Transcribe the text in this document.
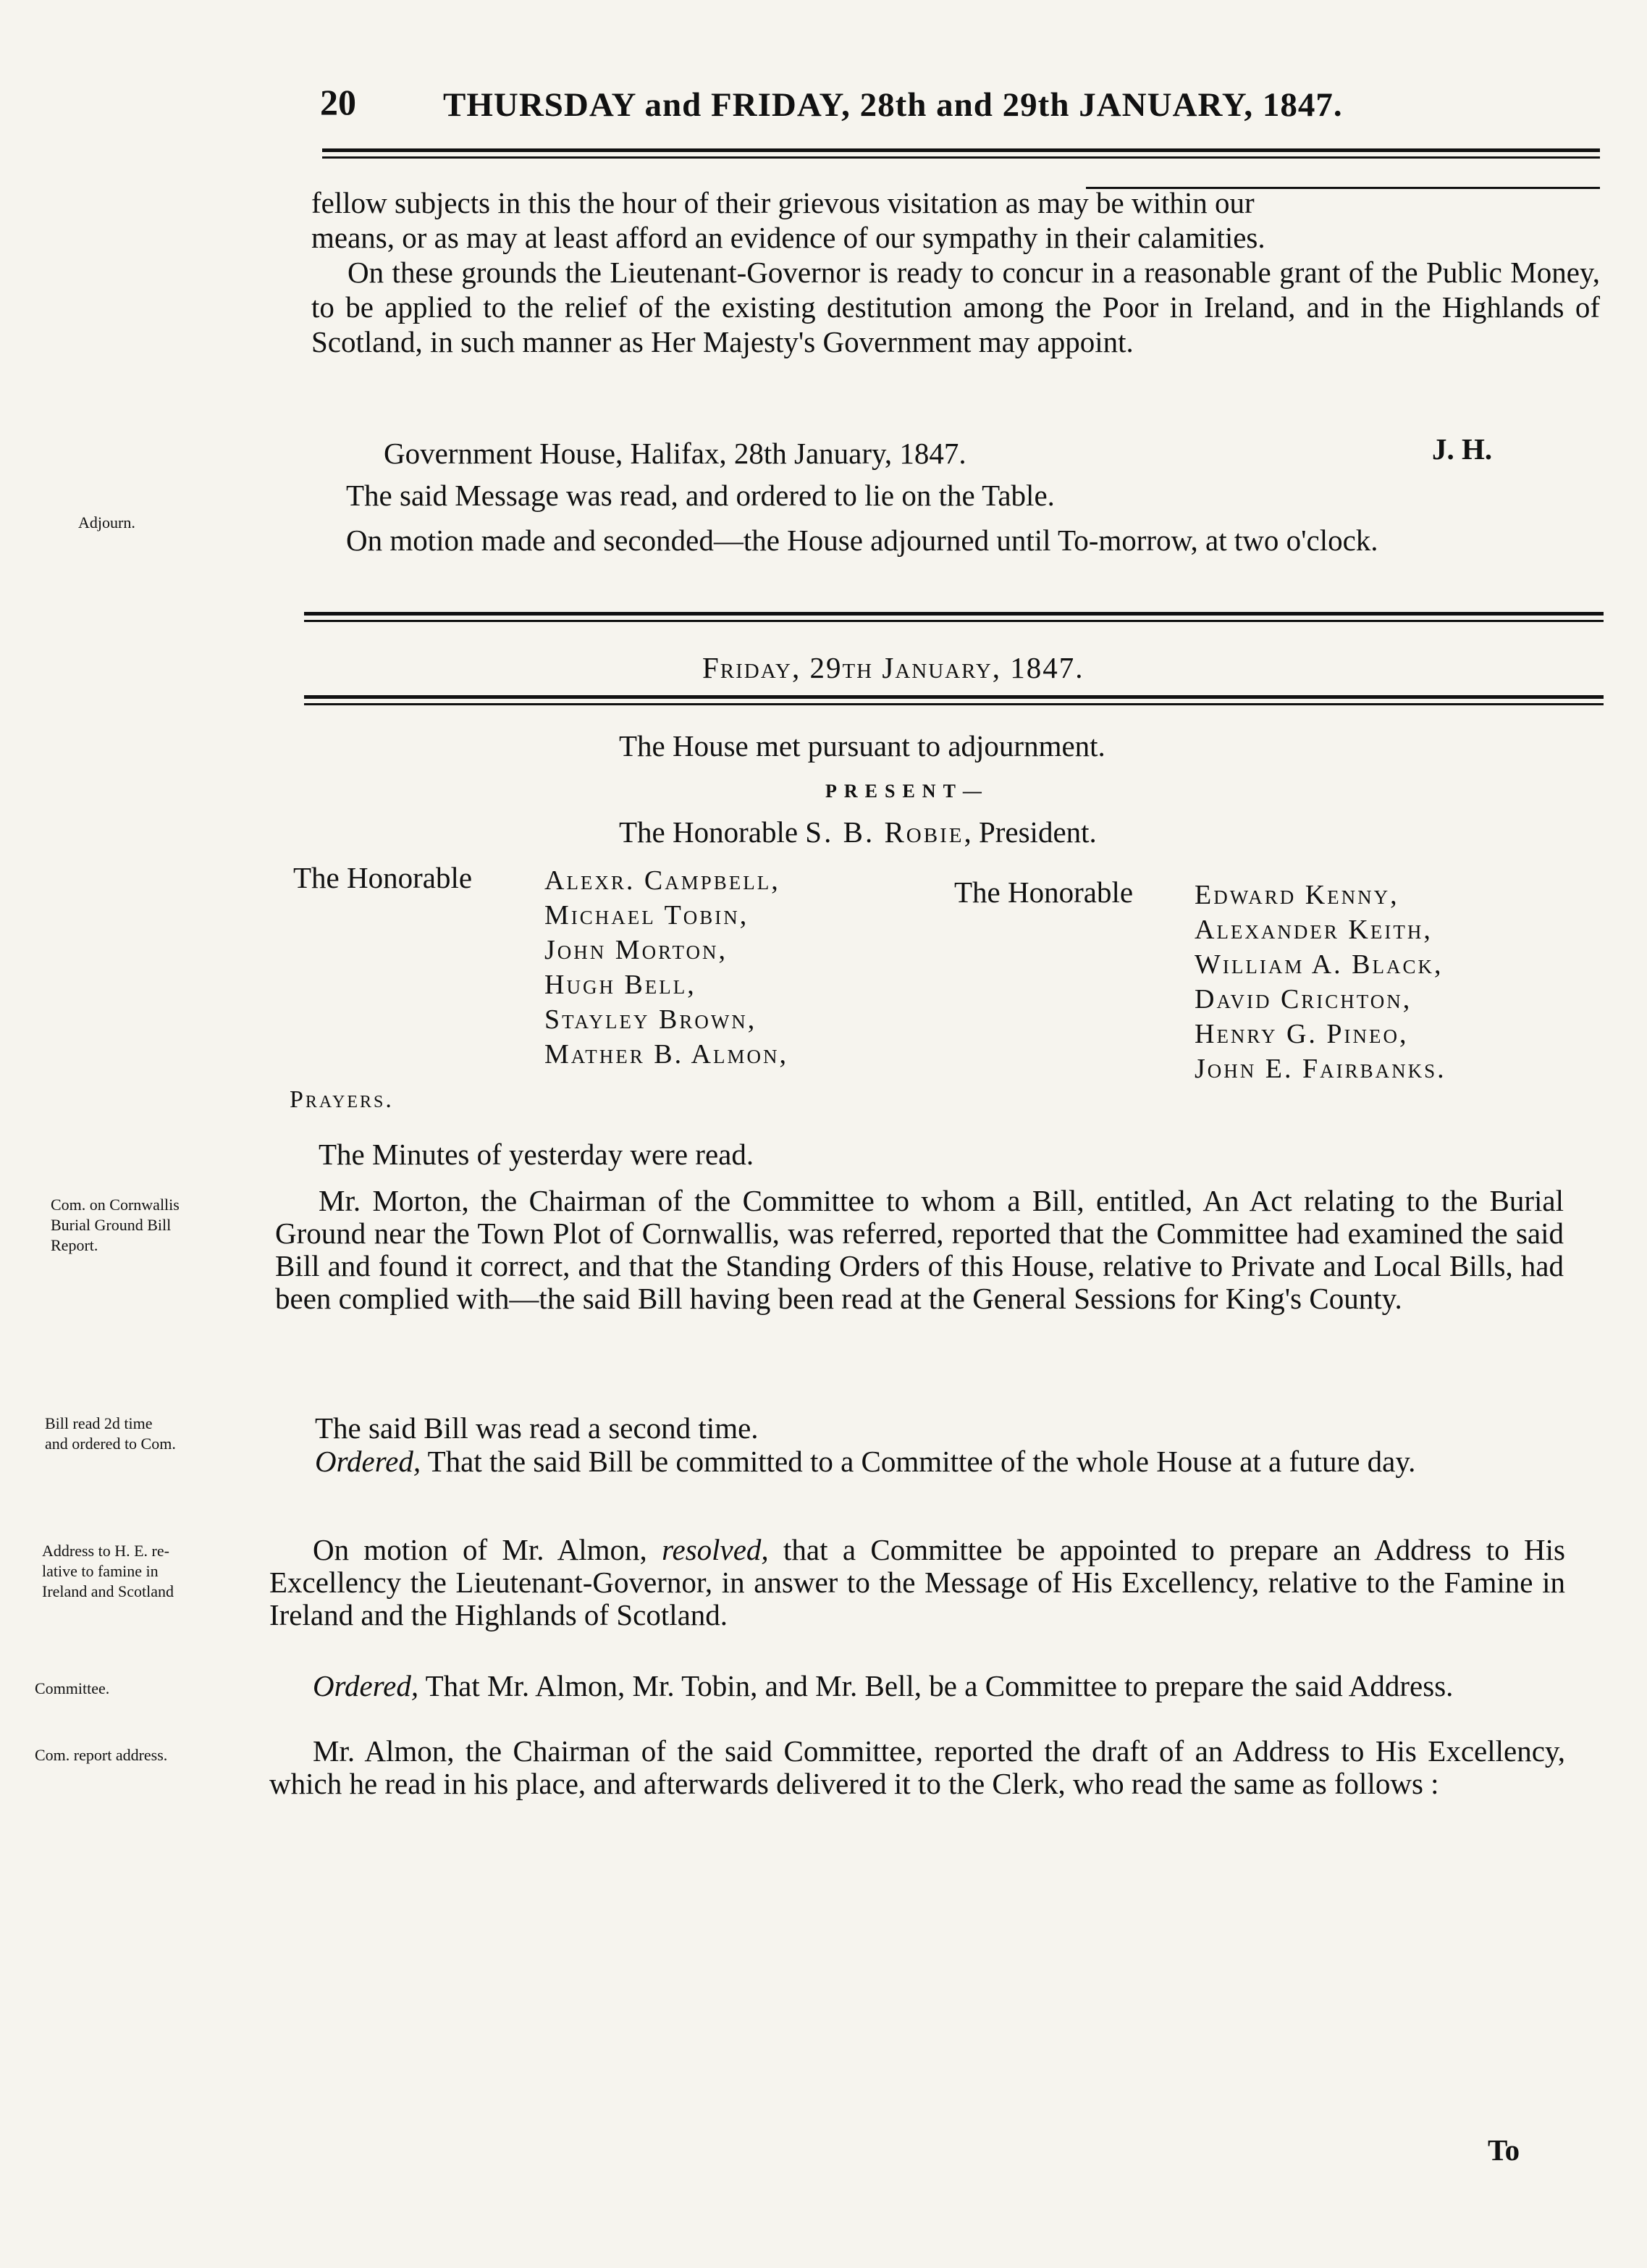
20	THURSDAY and FRIDAY, 28th and 29th JANUARY, 1847.
fellow subjects in this the hour of their grievous visitation as may be within our
means, or as may at least afford an evidence of our sympathy in their calamities.
On these grounds the Lieutenant-Governor is ready to concur in a reasonable grant of the Public Money, to be applied to the relief of the existing destitution among the Poor in Ireland, and in the Highlands of Scotland, in such manner as Her Majesty's Government may appoint.
Government House, Halifax, 28th January, 1847.	J. H.
The said Message was read, and ordered to lie on the Table.
Adjourn.
On motion made and seconded—the House adjourned until To-morrow, at two o'clock.
Friday, 29th January, 1847.
The House met pursuant to adjournment.
PRESENT—
The Honorable S. B. Robie, President.
The Honorable	Alexr. Campbell,
Michael Tobin,
John Morton,
Hugh Bell,
Stayley Brown,
Mather B. Almon,
The Honorable Edward Kenny,
Alexander Keith,
William A. Black,
David Crichton,
Henry G. Pineo,
John E. Fairbanks.
Prayers.
The Minutes of yesterday were read.
Com. on Cornwallis
Burial Ground Bill
Report.
Mr. Morton, the Chairman of the Committee to whom a Bill, entitled, An Act relating to the Burial Ground near the Town Plot of Cornwallis, was referred, reported that the Committee had examined the said Bill and found it correct, and that the Standing Orders of this House, relative to Private and Local Bills, had been complied with—the said Bill having been read at the General Sessions for King's County.
Bill read 2d time
and ordered to Com.	The said Bill was read a second time.
Ordered, That the said Bill be committed to a Committee of the whole House at a future day.
Address to H. E. re-
lative to famine in
Ireland and Scotland
On motion of Mr. Almon, resolved, that a Committee be appointed to prepare an Address to His Excellency the Lieutenant-Governor, in answer to the Message of His Excellency, relative to the Famine in Ireland and the Highlands of Scotland.
Committee.	Ordered, That Mr. Almon, Mr. Tobin, and Mr. Bell, be a Committee to prepare the said Address.
Com. report address.	Mr. Almon, the Chairman of the said Committee, reported the draft of an Address to His Excellency, which he read in his place, and afterwards delivered it to the Clerk, who read the same as follows :
To
